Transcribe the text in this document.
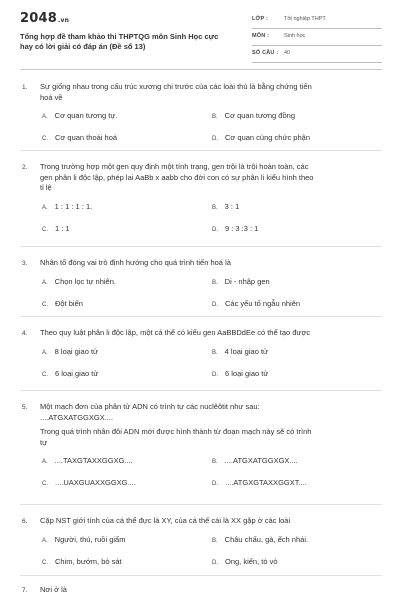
2048.vn
Tổng hợp đề tham khảo thi THPTQG môn Sinh Học cực hay có lời giải có đáp án (Đề số 13)
LỚP :	Tốt nghiệp THPT
MÔN :	Sinh học
SỐ CÂU : 40
1. Sự giống nhau trong cấu trúc xương chi trước của các loài thú là bằng chứng tiến
hoá về
A. Cơ quan tương tự.	B. Cơ quan tương đồng
C. Cơ quan thoái hoá	D. Cơ quan cùng chức phận
2. Trong trường hợp một gen quy định một tính trạng, gen trội là trội hoàn toàn, các
gen phân li độc lập, phép lai AaBb x aabb cho đời con có sự phân li kiểu hình theo
tỉ lệ
A. 1 : 1 : 1 : 1.	B. 3 : 1
C. 1 : 1	D. 9 : 3 :3 : 1
3. Nhân tố đóng vai trò định hướng cho quá trình tiến hoá là
A. Chọn lọc tự nhiên.	B. Di - nhập gen
C. Đột biến	D. Các yếu tố ngẫu nhiên
4. Theo quy luật phân li độc lập, một cá thể có kiểu gen AaBBDdEe có thể tạo được
A. 8 loại giao tử	B. 4 loại giao tử
C. 6 loại giao tử	D. 6 loại giao tử
5. Một mạch đơn của phân tử ADN có trình tự các nuclêôtit như sau:
....ATGXATGGXGX....
Trong quá trình nhân đôi ADN mới được hình thành từ đoạn mạch này sẽ có trình
tự
A. ....TAXGTAXXGGXG....	B. ....ATGXATGGXGX....
C. ....UAXGUAXXGGXG....	D. ....ATGXGTAXXGGXT....
6. Cặp NST giới tính của cá thể đực là XY, của cá thể cái là XX gặp ở các loài
A. Người, thú, ruồi giấm	B. Châu chấu, gà, ếch nhái.
C. Chim, bướm, bò sát	D. Ong, kiến, tò vò
7. Nơi ở là
